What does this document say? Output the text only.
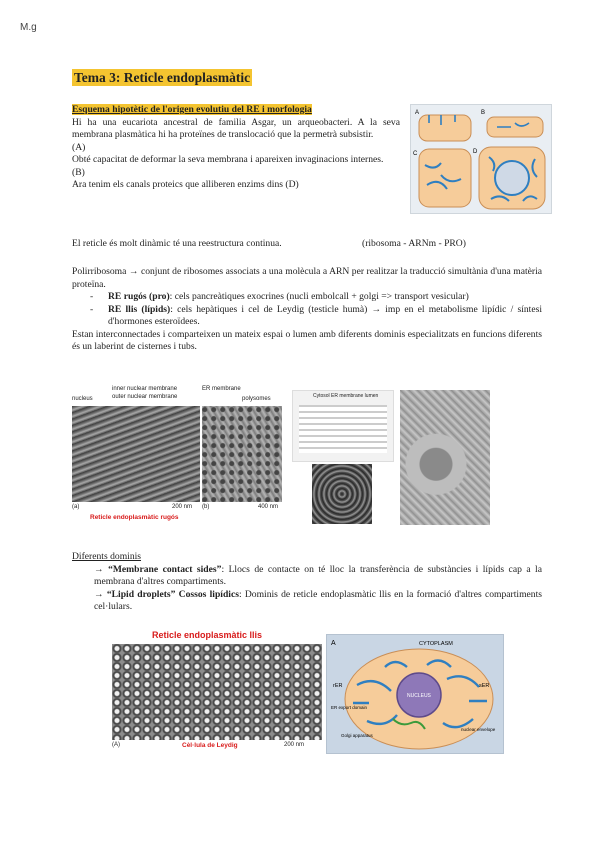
M.g
Tema 3: Reticle endoplasmàtic
Esquema hipotètic de l'origen evolutiu del RE i morfologia
Hi ha una eucariota ancestral de familia Asgar, un arqueobacteri. A la seva membrana plasmàtica hi ha proteïnes de translocació que la permetrà subsistir.
(A)
Obté capacitat de deformar la seva membrana i apareixen invaginacions internes.
(B)
Ara tenim els canals proteics que alliberen enzims dins (D)
A	B
C	D
El reticle és molt dinàmic té una reestructura continua.	(ribosoma - ARNm - PRO)
Polirribosoma → conjunt de ribosomes associats a una molècula a ARN per realitzar la traducció simultània d'una matèria proteïna.
- RE rugós (pro): cels pancreàtiques exocrines (nucli embolcall + golgi => transport vesicular)
- RE llis (lípids): cels hepàtiques i cel de Leydig (testicle humà) → imp en el metabolisme lipídic / síntesi d'hormones esteroïdees.
Estan interconnectades i comparteixen un mateix espai o lumen amb diferents dominis especialitzats en funcions diferents és un laberint de cisternes i tubs.
nucleus
inner nuclear membrane
outer nuclear membrane
ER membrane
polysomes
(a)	(b)
200 nm	400 nm
Reticle endoplasmàtic rugós
Cytosol ER membrane lumen
Diferents dominis
→ “Membrane contact sides”: Llocs de contacte on té lloc la transferència de substàncies i lípids cap a la membrana d'altres compartiments.
→ “Lipid droplets” Cossos lipídics: Dominis de reticle endoplasmàtic llis en la formació d'altres compartiments cel·lulars.
Reticle endoplasmàtic llis
(A)	Cèl·lula de Leydig	200 nm
A	CYTOPLASM
NUCLEUS
rER	sER
ER export domain
Golgi apparatus
nuclear envelope
